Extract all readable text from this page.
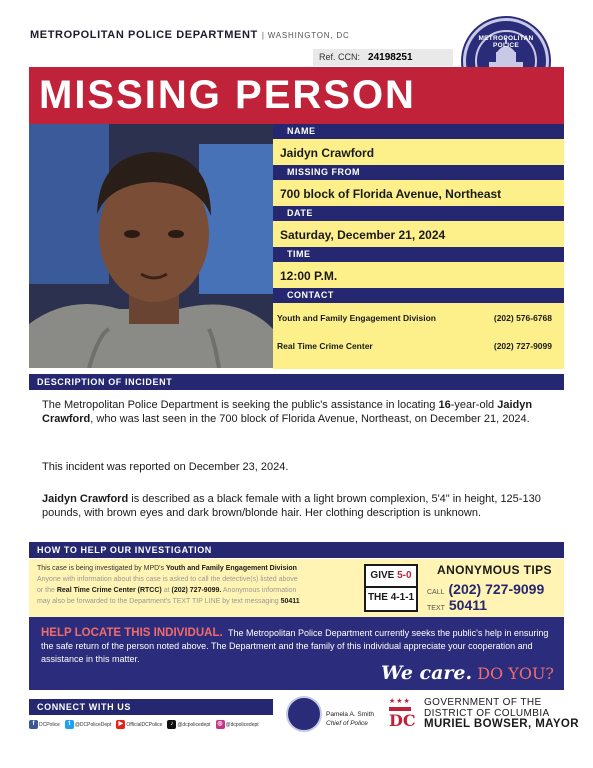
METROPOLITAN POLICE DEPARTMENT | WASHINGTON, DC
Ref. CCN: 24198251
METROPOLITAN POLICE
MISSING PERSON
NAME
Jaidyn Crawford
MISSING FROM
700 block of Florida Avenue, Northeast
DATE
Saturday, December 21, 2024
TIME
12:00 P.M.
CONTACT
Youth and Family Engagement Division	(202) 576-6768
Real Time Crime Center	(202) 727-9099
DESCRIPTION OF INCIDENT
The Metropolitan Police Department is seeking the public's assistance in locating 16-year-old Jaidyn Crawford, who was last seen in the 700 block of Florida Avenue, Northeast, on December 21, 2024.
This incident was reported on December 23, 2024.
Jaidyn Crawford is described as a black female with a light brown complexion, 5'4" in height, 125-130 pounds, with brown eyes and dark brown/blonde hair. Her clothing description is unknown.
HOW TO HELP OUR INVESTIGATION
This case is being investigated by MPD's Youth and Family Engagement Division
Anyone with information about this case is asked to call the detective(s) listed above
or the Real Time Crime Center (RTCC) at (202) 727-9099. Anonymous information
may also be forwarded to the Department's TEXT TIP LINE by text messaging 50411
GIVE 5-0
THE 4-1-1
ANONYMOUS TIPS
CALL (202) 727-9099
TEXT 50411
HELP LOCATE THIS INDIVIDUAL. The Metropolitan Police Department currently seeks the public's help in ensuring the safe return of the person noted above. The Department and the family of this individual appreciate your cooperation and assistance in this matter.
We care. DO YOU?
CONNECT WITH US
f DCPolice	t @DCPoliceDept	▶ OfficialDCPolice	♪ @dcpolicedept	◎ @dcpolicedept
Pamela A. Smith
Chief of Police
★★★
DC
GOVERNMENT OF THE
DISTRICT OF COLUMBIA
MURIEL BOWSER, MAYOR
